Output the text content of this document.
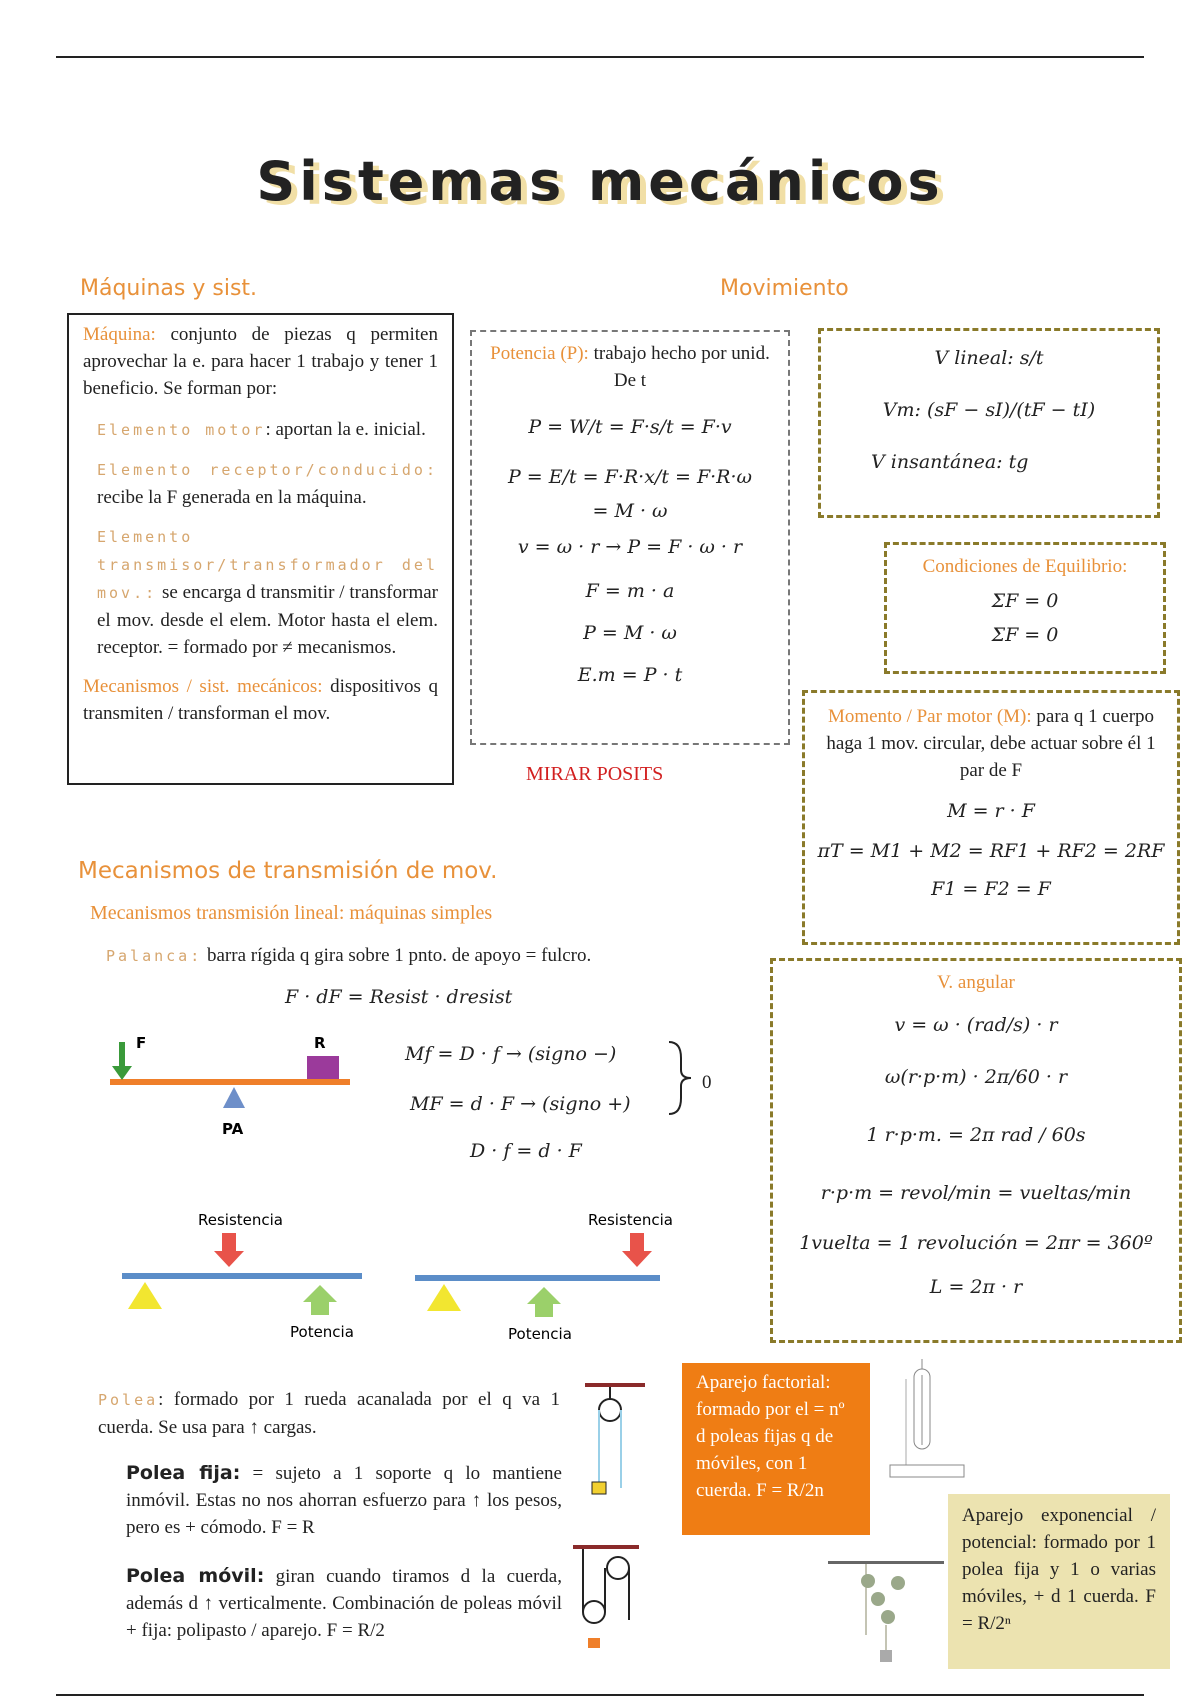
Sistemas mecánicos
Máquinas y sist.	Movimiento
Máquina: conjunto de piezas q permiten aprovechar la e. para hacer 1 trabajo y tener 1 beneficio. Se forman por:
Elemento motor: aportan la e. inicial.
Elemento receptor/conducido: recibe la F generada en la máquina.
Elemento transmisor/transformador del mov.: se encarga d transmitir / transformar el mov. desde el elem. Motor hasta el elem. receptor. = formado por ≠ mecanismos.
Mecanismos / sist. mecánicos: dispositivos q transmiten / transforman el mov.
Potencia (P): trabajo hecho por unid. De t
P = W/t = F·s/t = F·v
P = E/t = F·R·x/t = F·R·ω
= M · ω
v = ω · r → P = F · ω · r
F = m · a
P = M · ω
E.m = P · t
MIRAR POSITS
V lineal: s/t
Vm: (sF − sI)/(tF − tI)
V insantánea: tg
Condiciones de Equilibrio:
ΣF = 0
ΣF = 0
Momento / Par motor (M): para q 1 cuerpo haga 1 mov. circular, debe actuar sobre él 1 par de F
M = r · F
πT = M1 + M2 = RF1 + RF2 = 2RF
F1 = F2 = F
V. angular
v = ω · (rad/s) · r
ω(r·p·m) · 2π/60 · r
1 r·p·m. = 2π rad / 60s
r·p·m = revol/min = vueltas/min
1vuelta = 1 revolución = 2πr = 360º
L = 2π · r
Mecanismos de transmisión de mov.
Mecanismos transmisión lineal: máquinas simples
Palanca: barra rígida q gira sobre 1 pnto. de apoyo = fulcro.
F · dF = Resist · dresist
F	R
PA
Mf = D · f → (signo −)
MF = d · F → (signo +)
0
D · f = d · F
Resistencia
Potencia
Resistencia
Potencia
Polea: formado por 1 rueda acanalada por el q va 1 cuerda. Se usa para ↑ cargas.
Polea fija: = sujeto a 1 soporte q lo mantiene inmóvil. Estas no nos ahorran esfuerzo para ↑ los pesos, pero es + cómodo. F = R
Polea móvil: giran cuando tiramos d la cuerda, además d ↑ verticalmente. Combinación de poleas móvil + fija: polipasto / aparejo. F = R/2
Aparejo factorial: formado por el = nº d poleas fijas q de móviles, con 1 cuerda. F = R/2n
Aparejo exponencial / potencial: formado por 1 polea fija y 1 o varias móviles, + d 1 cuerda. F = R/2ⁿ
